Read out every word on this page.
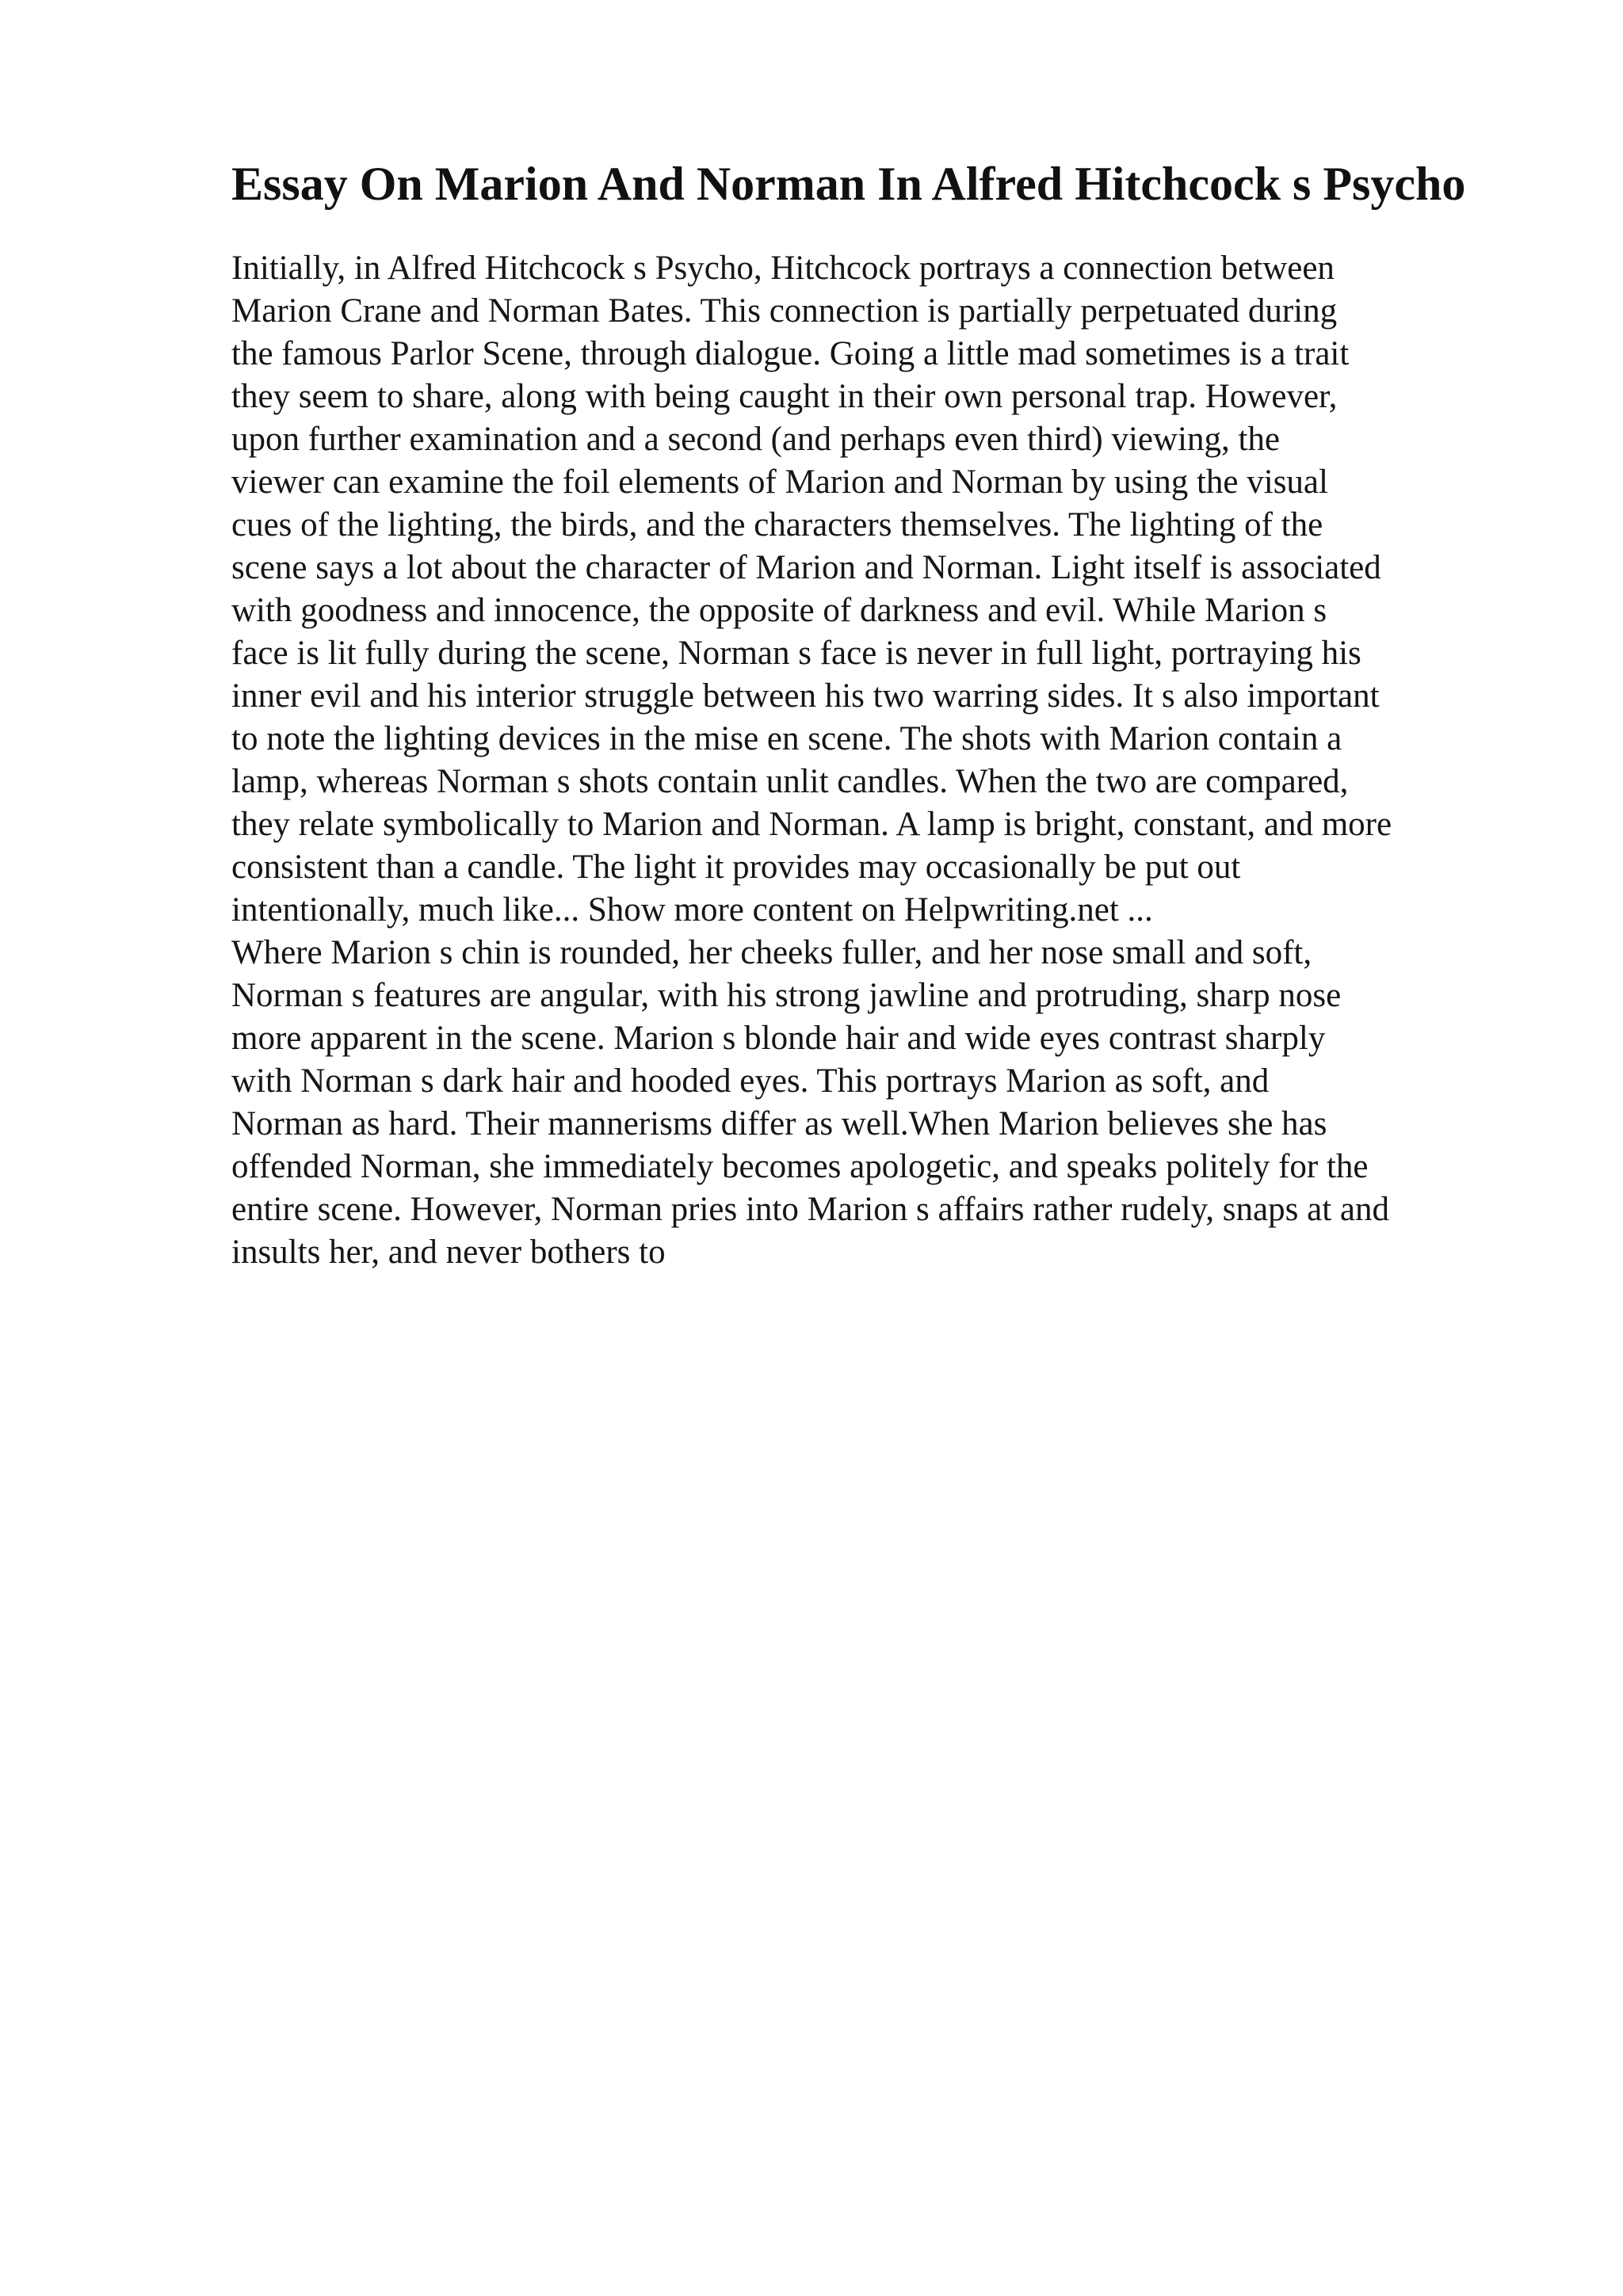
Essay On Marion And Norman In Alfred Hitchcock s Psycho
Initially, in Alfred Hitchcock s Psycho, Hitchcock portrays a connection between
Marion Crane and Norman Bates. This connection is partially perpetuated during
the famous Parlor Scene, through dialogue. Going a little mad sometimes is a trait
they seem to share, along with being caught in their own personal trap. However,
upon further examination and a second (and perhaps even third) viewing, the
viewer can examine the foil elements of Marion and Norman by using the visual
cues of the lighting, the birds, and the characters themselves. The lighting of the
scene says a lot about the character of Marion and Norman. Light itself is associated
with goodness and innocence, the opposite of darkness and evil. While Marion s
face is lit fully during the scene, Norman s face is never in full light, portraying his
inner evil and his interior struggle between his two warring sides. It s also important
to note the lighting devices in the mise en scene. The shots with Marion contain a
lamp, whereas Norman s shots contain unlit candles. When the two are compared,
they relate symbolically to Marion and Norman. A lamp is bright, constant, and more
consistent than a candle. The light it provides may occasionally be put out
intentionally, much like... Show more content on Helpwriting.net ...
Where Marion s chin is rounded, her cheeks fuller, and her nose small and soft,
Norman s features are angular, with his strong jawline and protruding, sharp nose
more apparent in the scene. Marion s blonde hair and wide eyes contrast sharply
with Norman s dark hair and hooded eyes. This portrays Marion as soft, and
Norman as hard. Their mannerisms differ as well.When Marion believes she has
offended Norman, she immediately becomes apologetic, and speaks politely for the
entire scene. However, Norman pries into Marion s affairs rather rudely, snaps at and
insults her, and never bothers to
